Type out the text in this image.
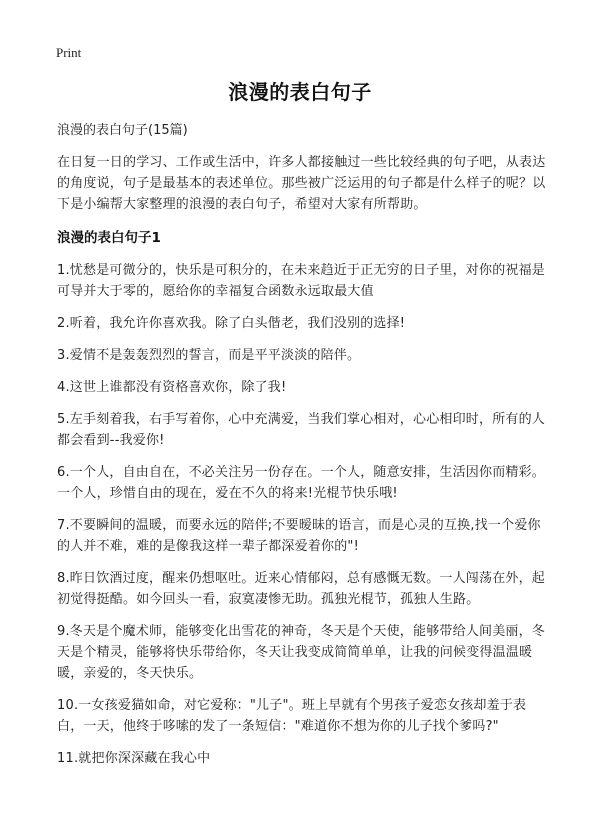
Print
浪漫的表白句子

浪漫的表白句子(15篇)

在日复一日的学习、工作或生活中，许多人都接触过一些比较经典的句子吧，从表达的角度说，句子是最基本的表述单位。那些被广泛运用的句子都是什么样子的呢？以下是小编帮大家整理的浪漫的表白句子，希望对大家有所帮助。

浪漫的表白句子1

1.忧愁是可微分的，快乐是可积分的，在未来趋近于正无穷的日子里，对你的祝福是可导并大于零的，愿给你的幸福复合函数永远取最大值

2.听着，我允许你喜欢我。除了白头偕老，我们没别的选择!

3.爱情不是轰轰烈烈的誓言，而是平平淡淡的陪伴。

4.这世上谁都没有资格喜欢你，除了我!

5.左手刻着我，右手写着你，心中充满爱，当我们掌心相对，心心相印时，所有的人都会看到--我爱你!

6.一个人，自由自在，不必关注另一份存在。一个人，随意安排，生活因你而精彩。一个人，珍惜自由的现在，爱在不久的将来!光棍节快乐哦!

7.不要瞬间的温暖，而要永远的陪伴;不要暧昧的语言，而是心灵的互换,找一个爱你的人并不难，难的是像我这样一辈子都深爱着你的"!

8.昨日饮酒过度，醒来仍想呕吐。近来心情郁闷，总有感慨无数。一人闯荡在外，起初觉得挺酷。如今回头一看，寂寞凄惨无助。孤独光棍节，孤独人生路。

9.冬天是个魔术师，能够变化出雪花的神奇，冬天是个天使，能够带给人间美丽，冬天是个精灵，能够将快乐带给你，冬天让我变成简简单单，让我的问候变得温温暖暖，亲爱的，冬天快乐。

10.一女孩爱猫如命，对它爱称："儿子"。班上早就有个男孩子爱恋女孩却羞于表白，一天，他终于哆嗦的发了一条短信："难道你不想为你的儿子找个爹吗?"

11.就把你深深藏在我心中
